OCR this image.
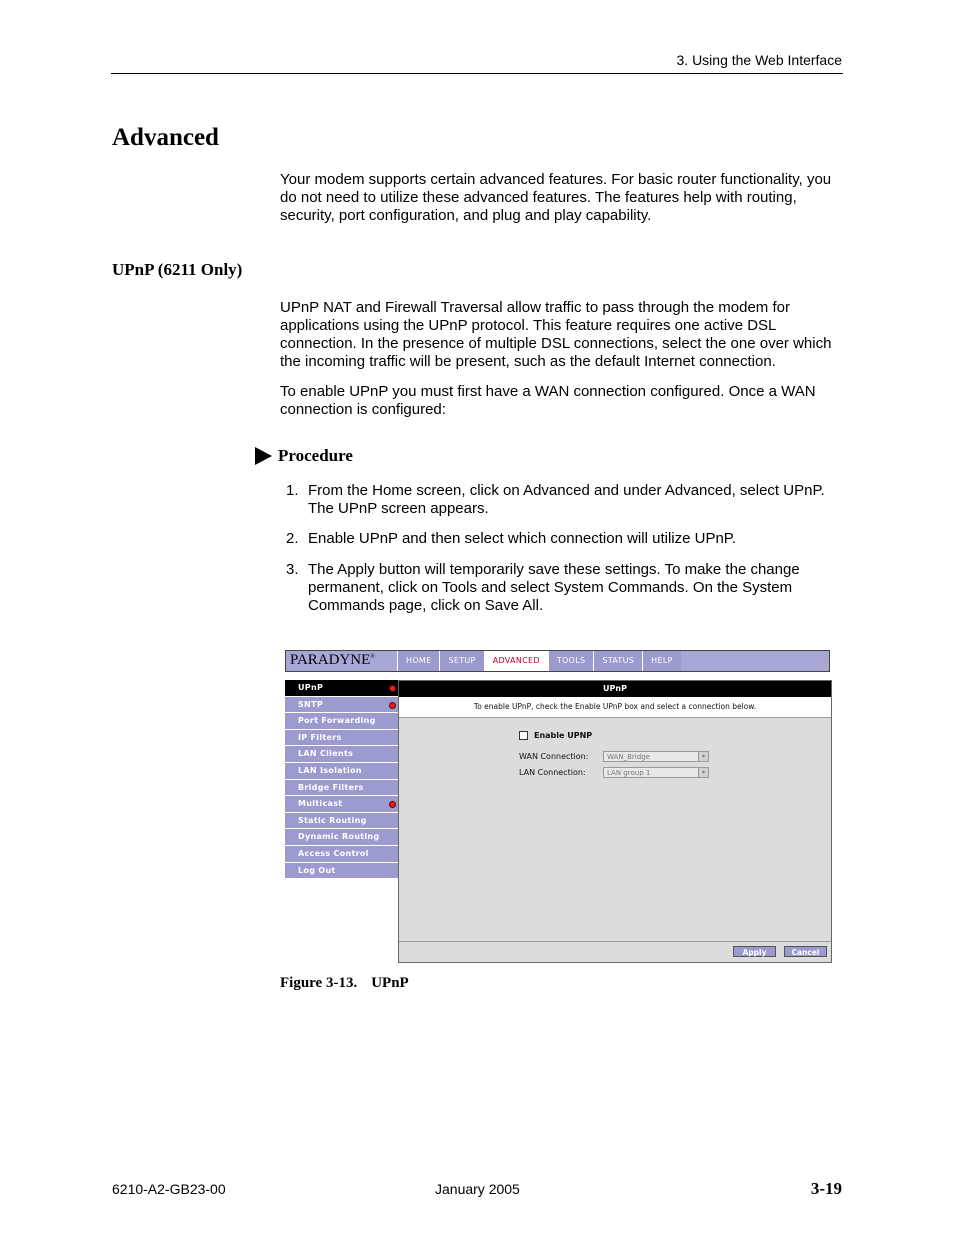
3. Using the Web Interface
Advanced

Your modem supports certain advanced features. For basic router functionality, you do not need to utilize these advanced features. The features help with routing, security, port configuration, and plug and play capability.

UPnP (6211 Only)

UPnP NAT and Firewall Traversal allow traffic to pass through the modem for applications using the UPnP protocol. This feature requires one active DSL connection. In the presence of multiple DSL connections, select the one over which the incoming traffic will be present, such as the default Internet connection.

To enable UPnP you must first have a WAN connection configured. Once a WAN connection is configured:

Procedure
1. From the Home screen, click on Advanced and under Advanced, select UPnP. The UPnP screen appears.
2. Enable UPnP and then select which connection will utilize UPnP.
3. The Apply button will temporarily save these settings. To make the change permanent, click on Tools and select System Commands. On the System Commands page, click on Save All.
PARADYNE®	HOME	SETUP	ADVANCED	TOOLS	STATUS	HELP
UPnP
SNTP
Port Forwarding
IP Filters
LAN Clients
LAN Isolation
Bridge Filters
Multicast
Static Routing
Dynamic Routing
Access Control
Log Out
UPnP
To enable UPnP, check the Enable UPnP box and select a connection below.
Enable UPNP
WAN Connection:	WAN_Bridge	▾
LAN Connection:	LAN group 1	▾
Apply	Cancel
Figure 3-13. UPnP
6210-A2-GB23-00	January 2005	3-19
